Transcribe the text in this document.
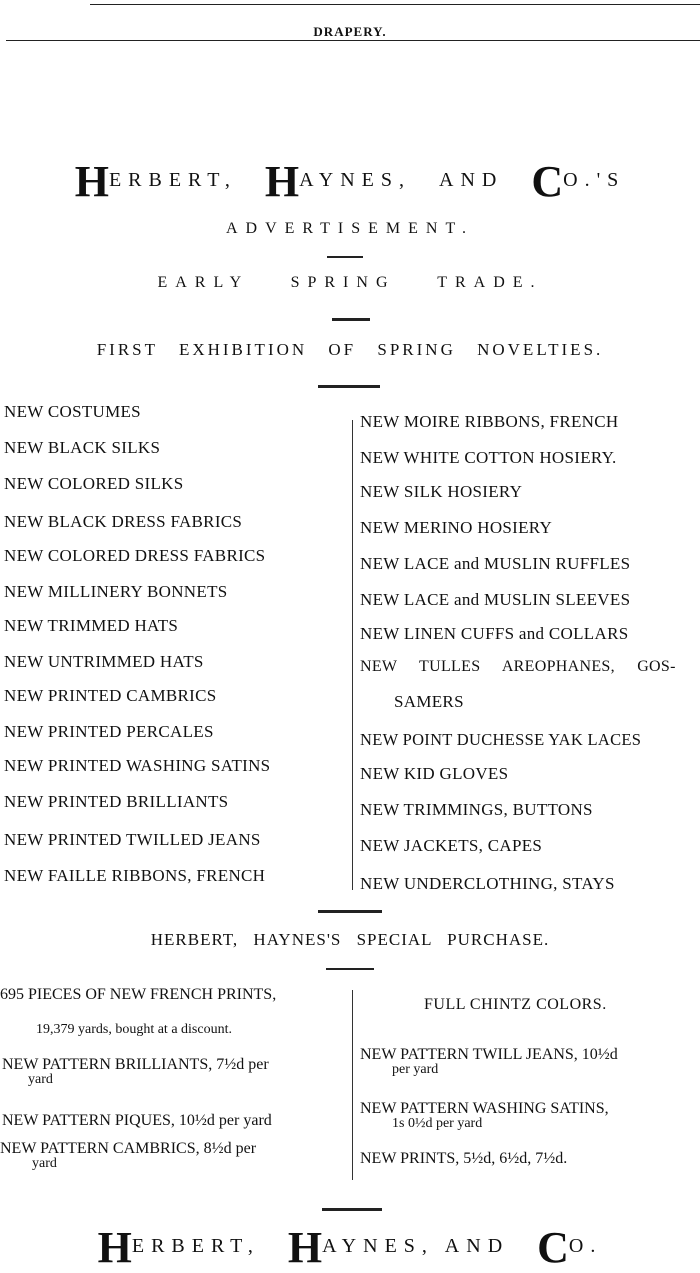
DRAPERY.
HERBERT, HAYNES, AND CO.'S
ADVERTISEMENT.
EARLY SPRING TRADE.
FIRST EXHIBITION OF SPRING NOVELTIES.
NEW COSTUMES
NEW BLACK SILKS
NEW COLORED SILKS
NEW BLACK DRESS FABRICS
NEW COLORED DRESS FABRICS
NEW MILLINERY BONNETS
NEW TRIMMED HATS
NEW UNTRIMMED HATS
NEW PRINTED CAMBRICS
NEW PRINTED PERCALES
NEW PRINTED WASHING SATINS
NEW PRINTED BRILLIANTS
NEW PRINTED TWILLED JEANS
NEW FAILLE RIBBONS, FRENCH
NEW MOIRE RIBBONS, FRENCH
NEW WHITE COTTON HOSIERY.
NEW SILK HOSIERY
NEW MERINO HOSIERY
NEW LACE and MUSLIN RUFFLES
NEW LACE and MUSLIN SLEEVES
NEW LINEN CUFFS and COLLARS
NEW TULLES AREOPHANES, GOS-
SAMERS
NEW POINT DUCHESSE YAK LACES
NEW KID GLOVES
NEW TRIMMINGS, BUTTONS
NEW JACKETS, CAPES
NEW UNDERCLOTHING, STAYS
HERBERT, HAYNES'S SPECIAL PURCHASE.
695 PIECES OF NEW FRENCH PRINTS,
19,379 yards, bought at a discount.
NEW PATTERN BRILLIANTS, 7½d per
yard
NEW PATTERN PIQUES, 10½d per yard
NEW PATTERN CAMBRICS, 8½d per
yard
FULL CHINTZ COLORS.
NEW PATTERN TWILL JEANS, 10½d
per yard
NEW PATTERN WASHING SATINS,
1s 0½d per yard
NEW PRINTS, 5½d, 6½d, 7½d.
HERBERT, HAYNES, AND CO.
